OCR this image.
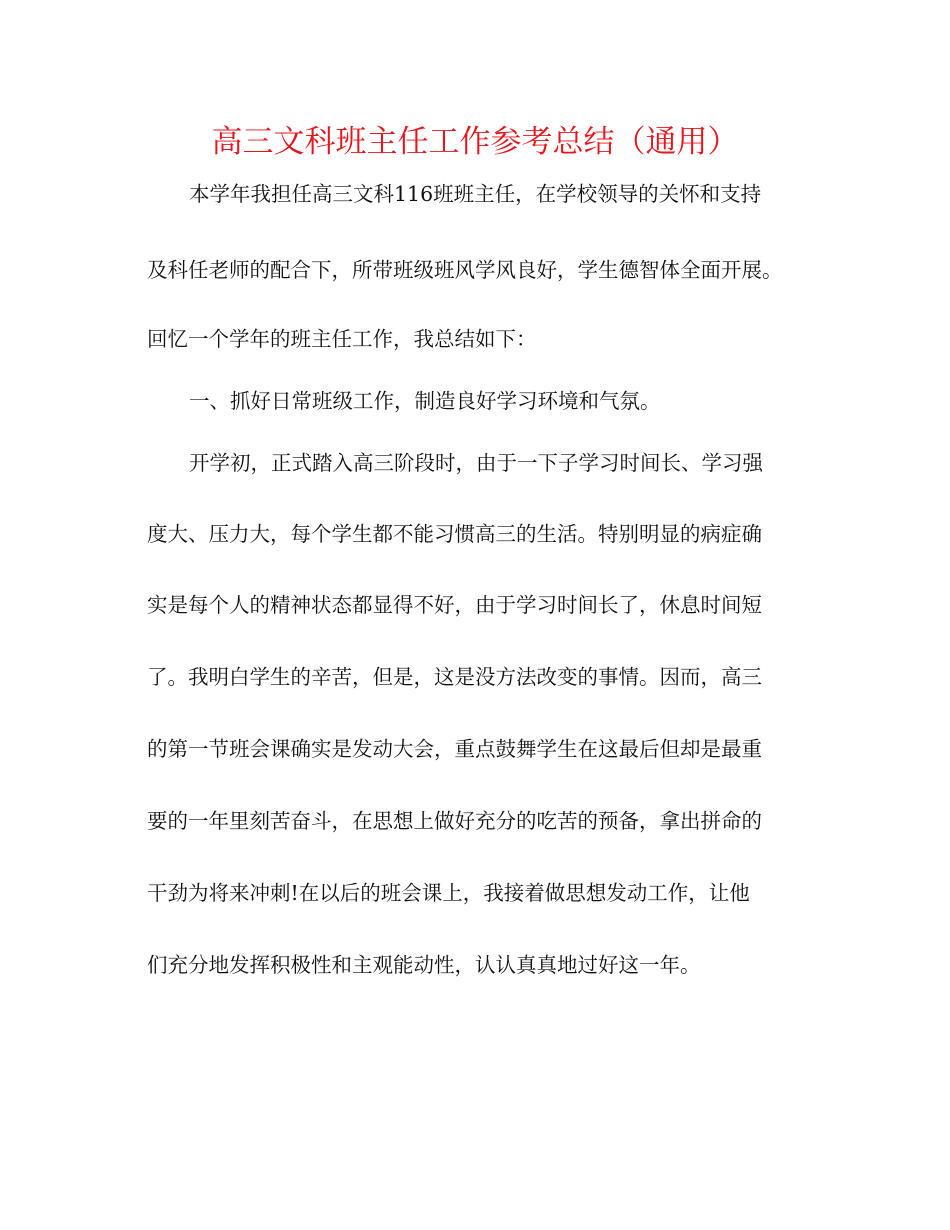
高三文科班主任工作参考总结（通用）
本学年我担任高三文科116班班主任，在学校领导的关怀和支持
及科任老师的配合下，所带班级班风学风良好，学生德智体全面开展。
回忆一个学年的班主任工作，我总结如下：
一、抓好日常班级工作，制造良好学习环境和气氛。
开学初，正式踏入高三阶段时，由于一下子学习时间长、学习强
度大、压力大，每个学生都不能习惯高三的生活。特别明显的病症确
实是每个人的精神状态都显得不好，由于学习时间长了，休息时间短
了。我明白学生的辛苦，但是，这是没方法改变的事情。因而，高三
的第一节班会课确实是发动大会，重点鼓舞学生在这最后但却是最重
要的一年里刻苦奋斗，在思想上做好充分的吃苦的预备，拿出拼命的
干劲为将来冲刺!在以后的班会课上，我接着做思想发动工作，让他
们充分地发挥积极性和主观能动性，认认真真地过好这一年。
